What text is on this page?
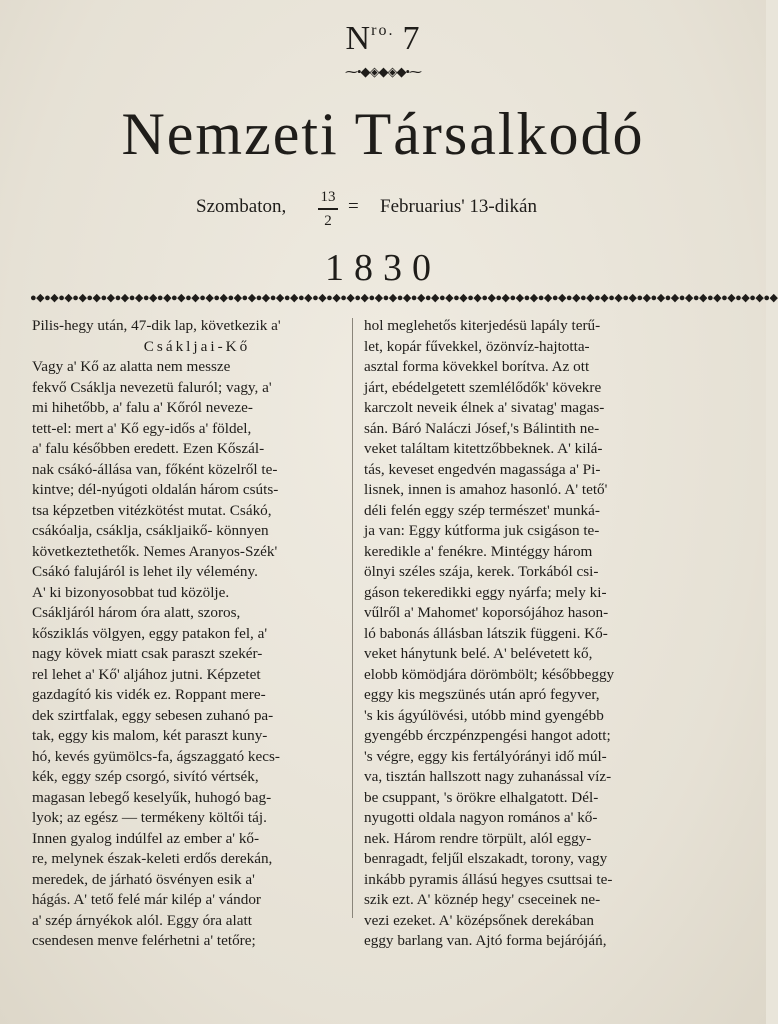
$N^{ro.}$ 7
⁓•◆◈◆◈◆•⁓
Nemzeti Társalkodó
Szombaton,	13
2
= Februarius' 13-dikán
1830
●◆●◆●◆●◆●◆●◆●◆●◆●◆●◆●◆●◆●◆●◆●◆●◆●◆●◆●◆●◆●◆●◆●◆●◆●◆●◆●◆●◆●◆●◆●◆●◆●◆●◆●◆●◆●◆●◆●◆●◆●◆●◆●◆●◆●◆●◆●◆●◆●◆●◆●◆●◆●◆
Pilis-hegy után, 47-dik lap, következik a'
Csákljai-Kő
Vagy a' Kő az alatta nem messze
fekvő Csáklja nevezetü faluról; vagy, a'
mi hihetőbb, a' falu a' Kőról neveze-
tett-el: mert a' Kő egy-idős a' földel,
a' falu későbben eredett. Ezen Kőszál-
nak csákó-állása van, főként közelről te-
kintve; dél-nyúgoti oldalán három csúts-
tsa képzetben vitézkötést mutat. Csákó,
csákóalja, csáklja, csákljaikő- könnyen
következtethetők. Nemes Aranyos-Szék'
Csákó falujáról is lehet ily vélemény.
A' ki bizonyosobbat tud közölje.
Csákljáról három óra alatt, szoros,
kősziklás völgyen, eggy patakon fel, a'
nagy kövek miatt csak paraszt szekér-
rel lehet a' Kő' aljához jutni. Képzetet
gazdagító kis vidék ez. Roppant mere-
dek szirtfalak, eggy sebesen zuhanó pa-
tak, eggy kis malom, két paraszt kuny-
hó, kevés gyümölcs-fa, ágszaggató kecs-
kék, eggy szép csorgó, sivító vértsék,
magasan lebegő keselyűk, huhogó bag-
lyok; az egész — termékeny költői táj.
Innen gyalog indúlfel az ember a' kő-
re, melynek észak-keleti erdős derekán,
meredek, de járható ösvényen esik a'
hágás. A' tető felé már kilép a' vándor
a' szép árnyékok alól. Eggy óra alatt
csendesen menve felérhetni a' tetőre;
hol meglehetős kiterjedésü lapály terű-
let, kopár fűvekkel, özönvíz-hajtotta-
asztal forma kövekkel borítva. Az ott
járt, ebédelgetett szemlélődők' kövekre
karczolt neveik élnek a' sivatag' magas-
sán. Báró Naláczi Jósef,'s Bálintith ne-
veket találtam kitettzőbbeknek. A' kilá-
tás, keveset engedvén magassága a' Pi-
lisnek, innen is amahoz hasonló. A' tető'
déli felén eggy szép természet' munká-
ja van: Eggy kútforma juk csigáson te-
keredikle a' fenékre. Mintéggy három
ölnyi széles szája, kerek. Torkából csi-
gáson tekeredikki eggy nyárfa; mely ki-
vűlről a' Mahomet' koporsójához hason-
ló babonás állásban látszik függeni. Kő-
veket hánytunk belé. A' belévetett kő,
elobb kömödjára dörömbölt; későbbeggy
eggy kis megszünés után apró fegyver,
's kis ágyúlövési, utóbb mind gyengébb
gyengébb érczpénzpengési hangot adott;
's végre, eggy kis fertályórányi idő múl-
va, tisztán hallszott nagy zuhanással víz-
be csuppant, 's örökre elhalgatott. Dél-
nyugotti oldala nagyon romános a' kő-
nek. Három rendre törpült, alól eggy-
benragadt, feljűl elszakadt, torony, vagy
inkább pyramis állású hegyes csuttsai te-
szik ezt. A' köznép hegy' cseceinek ne-
vezi ezeket. A' középsőnek derekában
eggy barlang van. Ajtó forma bejárójáń,
